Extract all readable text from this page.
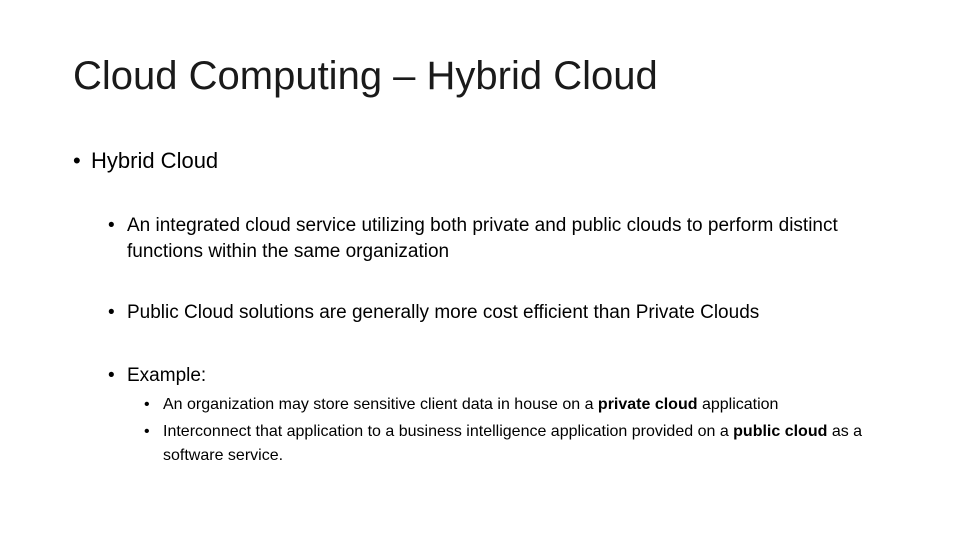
Cloud Computing – Hybrid Cloud
• Hybrid Cloud
• An integrated cloud service utilizing both private and public clouds to perform distinct functions within the same organization
• Public Cloud solutions are generally more cost efficient than Private Clouds
• Example:
• An organization may store sensitive client data in house on a private cloud application
• Interconnect that application to a business intelligence application provided on a public cloud as a software service.
